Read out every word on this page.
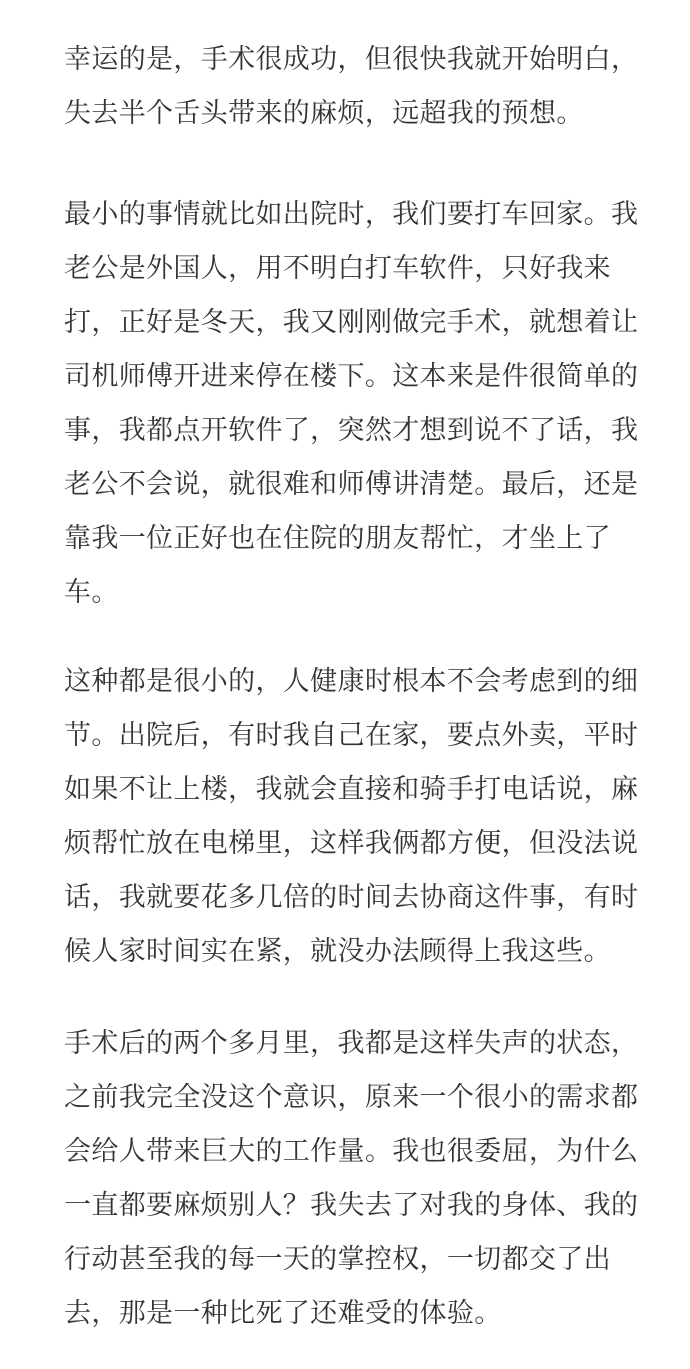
幸运的是，手术很成功，但很快我就开始明白，
失去半个舌头带来的麻烦，远超我的预想。

最小的事情就比如出院时，我们要打车回家。我
老公是外国人，用不明白打车软件，只好我来
打，正好是冬天，我又刚刚做完手术，就想着让
司机师傅开进来停在楼下。这本来是件很简单的
事，我都点开软件了，突然才想到说不了话，我
老公不会说，就很难和师傅讲清楚。最后，还是
靠我一位正好也在住院的朋友帮忙，才坐上了
车。

这种都是很小的，人健康时根本不会考虑到的细
节。出院后，有时我自己在家，要点外卖，平时
如果不让上楼，我就会直接和骑手打电话说，麻
烦帮忙放在电梯里，这样我俩都方便，但没法说
话，我就要花多几倍的时间去协商这件事，有时
候人家时间实在紧，就没办法顾得上我这些。

手术后的两个多月里，我都是这样失声的状态，
之前我完全没这个意识，原来一个很小的需求都
会给人带来巨大的工作量。我也很委屈，为什么
一直都要麻烦别人？我失去了对我的身体、我的
行动甚至我的每一天的掌控权，一切都交了出
去，那是一种比死了还难受的体验。
